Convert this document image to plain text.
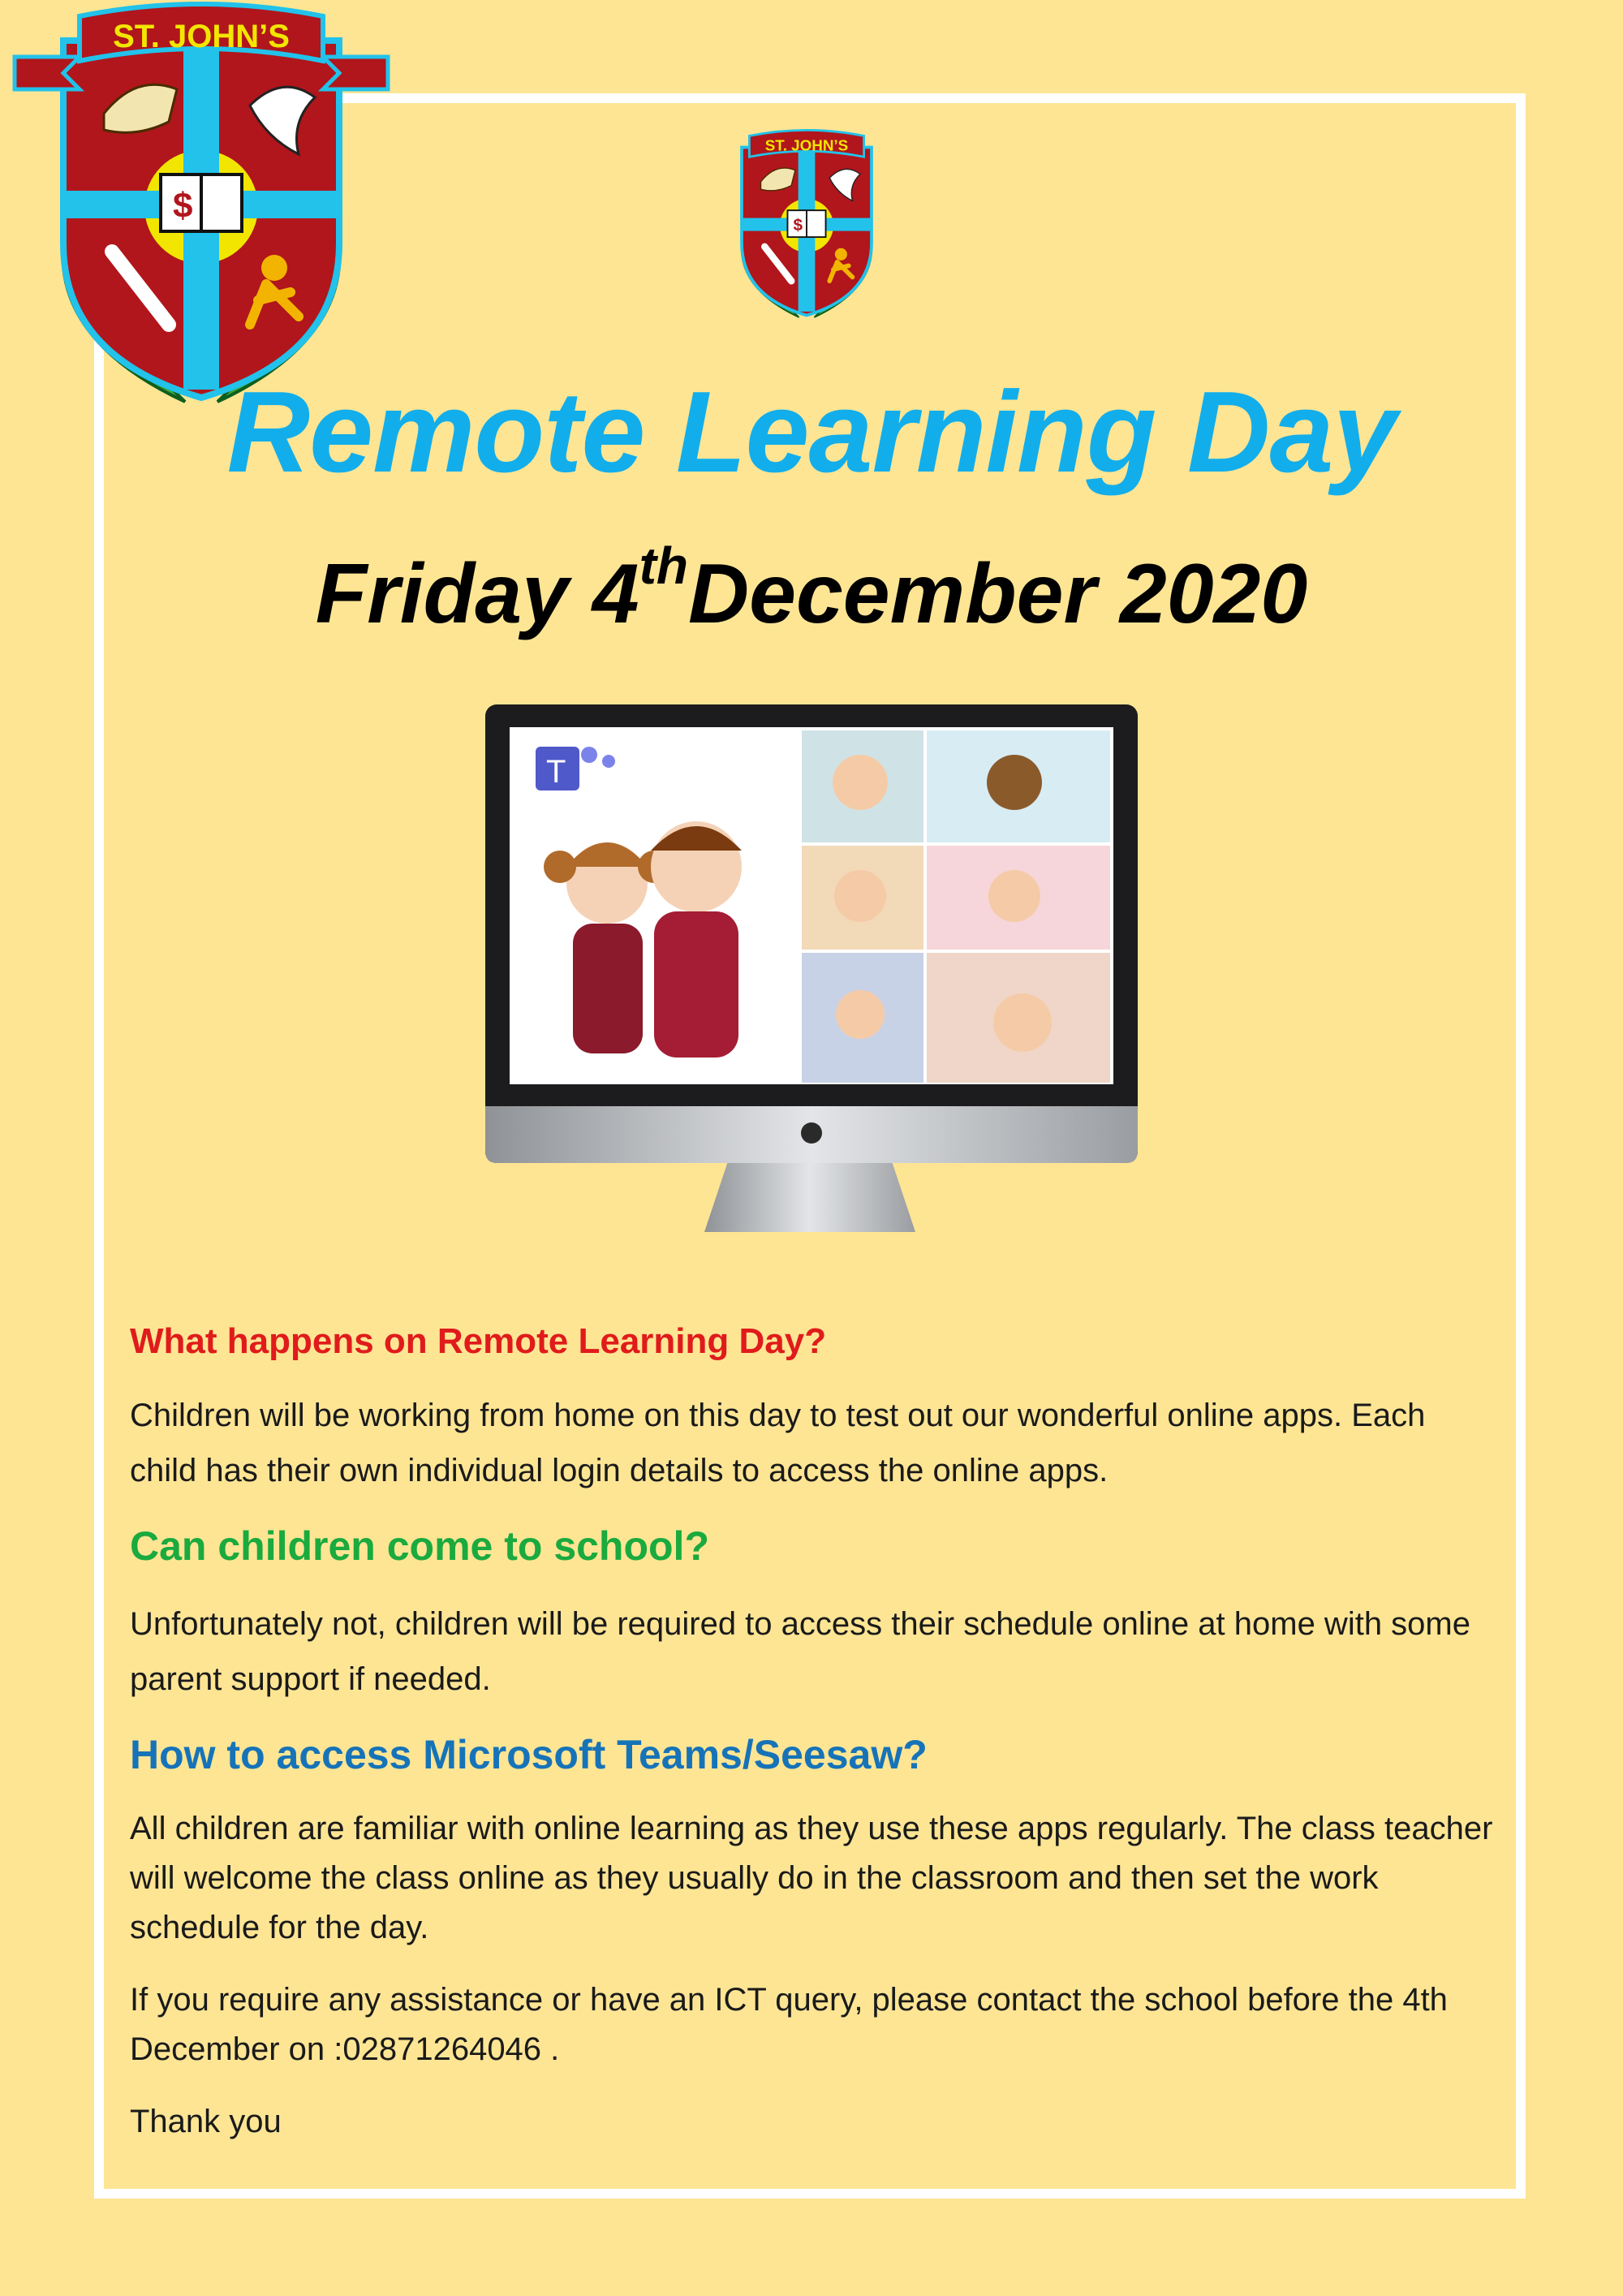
$
ST. JOHN’S
$
ST. JOHN’S
Remote Learning Day
Friday 4thDecember 2020
T
What happens on Remote Learning Day?

Children will be working from home on this day to test out our wonderful online apps. Each child has their own individual login details to access the online apps.

Can children come to school?

Unfortunately not, children will be required to access their schedule online at home with some parent support if needed.

How to access Microsoft Teams/Seesaw?

All children are familiar with online learning as they use these apps regularly. The class teacher will welcome the class online as they usually do in the classroom and then set the work schedule for the day.

If you require any assistance or have an ICT query, please contact the school before the 4th December on :02871264046 .

Thank you
